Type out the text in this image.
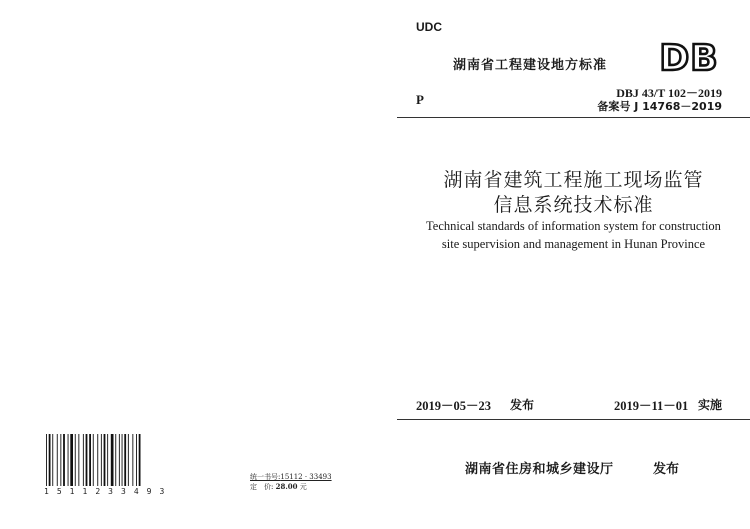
1 5 1 1 2 3 3 4 9 3
统一书号:15112 · 33493
定　价: 28.00 元
UDC
湖南省工程建设地方标准 DB
P	DBJ 43/T 102－2019
备案号 J 14768－2019
湖南省建筑工程施工现场监管
信息系统技术标准
Technical standards of information system for construction
site supervision and management in Hunan Province
2019－05－23 发布	2019－11－01 实施
湖南省住房和城乡建设厅	发布
